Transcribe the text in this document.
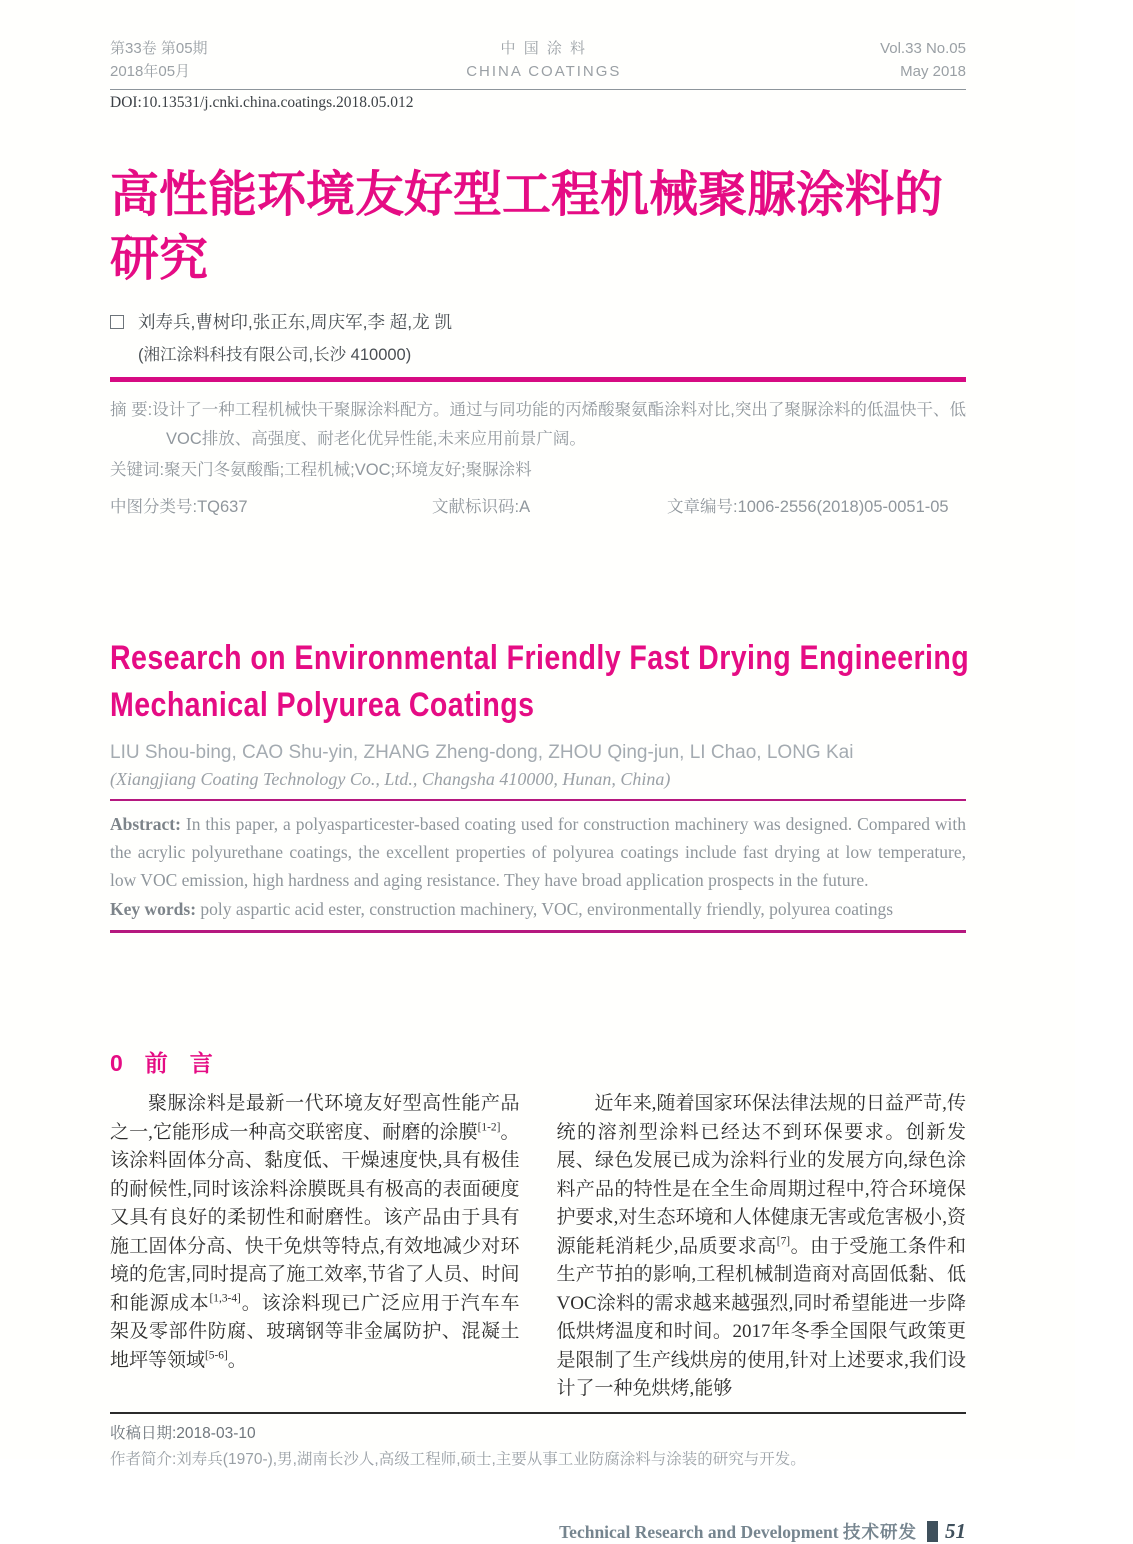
第33卷 第05期
2018年05月
中 国 涂 料
CHINA COATINGS
Vol.33 No.05
May 2018
DOI:10.13531/j.cnki.china.coatings.2018.05.012
高性能环境友好型工程机械聚脲涂料的研究
刘寿兵,曹树印,张正东,周庆军,李 超,龙 凯
(湘江涂料科技有限公司,长沙 410000)
摘 要:设计了一种工程机械快干聚脲涂料配方。通过与同功能的丙烯酸聚氨酯涂料对比,突出了聚脲涂料的低温快干、低VOC排放、高强度、耐老化优异性能,未来应用前景广阔。
关键词:聚天门冬氨酸酯;工程机械;VOC;环境友好;聚脲涂料
中图分类号:TQ637	文献标识码:A	文章编号:1006-2556(2018)05-0051-05
Research on Environmental Friendly Fast Drying Engineering
Mechanical Polyurea Coatings
LIU Shou-bing, CAO Shu-yin, ZHANG Zheng-dong, ZHOU Qing-jun, LI Chao, LONG Kai
(Xiangjiang Coating Technology Co., Ltd., Changsha 410000, Hunan, China)
Abstract: In this paper, a polyasparticester-based coating used for construction machinery was designed. Compared with the acrylic polyurethane coatings, the excellent properties of polyurea coatings include fast drying at low temperature, low VOC emission, high hardness and aging resistance. They have broad application prospects in the future.
Key words: poly aspartic acid ester, construction machinery, VOC, environmentally friendly, polyurea coatings
0 前言

聚脲涂料是最新一代环境友好型高性能产品之一,它能形成一种高交联密度、耐磨的涂膜[1-2]。该涂料固体分高、黏度低、干燥速度快,具有极佳的耐候性,同时该涂料涂膜既具有极高的表面硬度又具有良好的柔韧性和耐磨性。该产品由于具有施工固体分高、快干免烘等特点,有效地减少对环境的危害,同时提高了施工效率,节省了人员、时间和能源成本[1,3-4]。该涂料现已广泛应用于汽车车架及零部件防腐、玻璃钢等非金属防护、混凝土地坪等领域[5-6]。

近年来,随着国家环保法律法规的日益严苛,传统的溶剂型涂料已经达不到环保要求。创新发展、绿色发展已成为涂料行业的发展方向,绿色涂料产品的特性是在全生命周期过程中,符合环境保护要求,对生态环境和人体健康无害或危害极小,资源能耗消耗少,品质要求高[7]。由于受施工条件和生产节拍的影响,工程机械制造商对高固低黏、低VOC涂料的需求越来越强烈,同时希望能进一步降低烘烤温度和时间。2017年冬季全国限气政策更是限制了生产线烘房的使用,针对上述要求,我们设计了一种免烘烤,能够

收稿日期:2018-03-10
作者简介:刘寿兵(1970-),男,湖南长沙人,高级工程师,硕士,主要从事工业防腐涂料与涂装的研究与开发。
Technical Research and Development 技术研发 51
